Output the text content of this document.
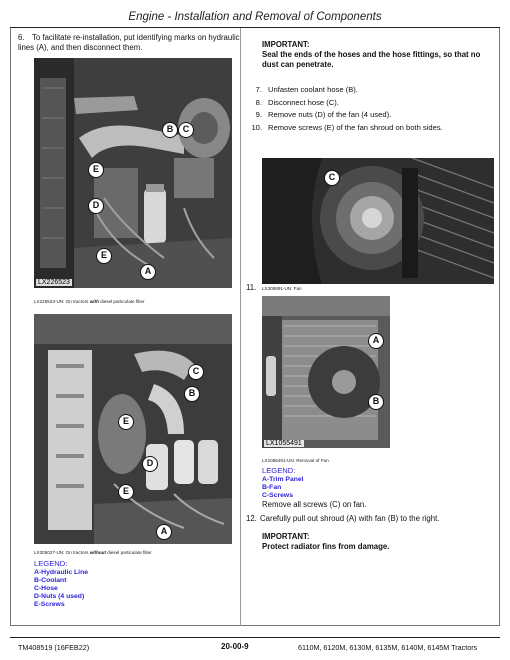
Engine - Installation and Removal of Components
6. To facilitate re-installation, put identifying marks on hydraulic lines (A), and then disconnect them.
LX226523
B	C
E
D
E
A
LX226523-UN: On tractors with diesel particulate filter
C
B
E
D
E
A
LX305027-UN: On tractors without diesel particulate filter
LEGEND:
A-Hydraulic Line
B-Coolant
C-Hose
D-Nuts (4 used)
E-Screws
IMPORTANT:
Seal the ends of the hoses and the hose fittings, so that no dust can penetrate.
7. Unfasten coolant hose (B).
8. Disconnect hose (C).
9. Remove nuts (D) of the fan (4 used).
10. Remove screws (E) of the fan shroud on both sides.
C
11. LX305891-UN: Fan
LX1055491
A
B
LX1055491-UN: Removal of Fan
LEGEND:
A-Trim Panel
B-Fan
C-Screws
Remove all screws (C) on fan.
12. Carefully pull out shroud (A) with fan (B) to the right.
IMPORTANT:
Protect radiator fins from damage.
TM408519 (16FEB22)	20-00-9	6110M, 6120M, 6130M, 6135M, 6140M, 6145M Tractors
